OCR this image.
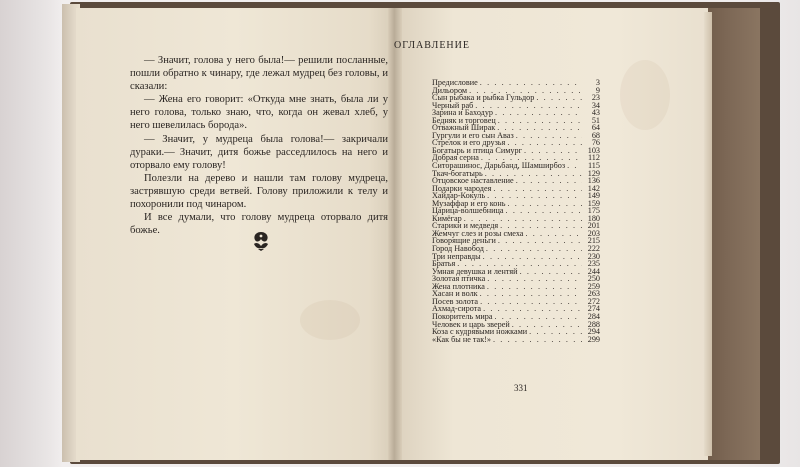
— Значит, голова у него была!— решили посланные, пошли обратно к чинару, где лежал мудрец без головы, и сказали:

— Жена его говорит: «Откуда мне знать, была ли у него голова, только знаю, что, когда он жевал хлеб, у него шевелилась борода».

— Значит, у мудреца была голова!— закричали дураки.— Значит, дитя божье расседлилось на него и оторвало ему голову!

Полезли на дерево и нашли там голову мудреца, застрявшую среди ветвей. Голову приложили к телу и похоронили под чинаром.

И все думали, что голову мудреца оторвало дитя божье.

ОГЛАВЛЕНИЕ
Предисловие . . .	3
Дильором . . .	9
Сын рыбака и рыбка Гульдор . . .	23
Черный раб . . .	34
Зарина и Баходур . . .	43
Бедняк и торговец . . .	51
Отважный Ширак . . .	64
Гургули и его сын Аваз . . .	68
Стрелок и его друзья . . .	76
Богатырь и птица Симург . . .	103
Добрая серна . . .	112
Ситорашинос, Дарьбанд, Шамширбоз . . .	115
Ткач-богатырь . . .	129
Отцовское наставление . . .	136
Подарки чародея . . .	142
Хайдар-Кокуль . . .	149
Музаффар и его конь . . .	159
Царица-волшебница . . .	175
Кимёгар . . .	180
Старики и медведя . . .	201
Жемчуг слез и розы смеха . . .	203
Говорящие деньги . . .	215
Город Навобод . . .	222
Три неправды . . .	230
Братья . . .	235
Умная девушка и лентяй . . .	244
Золотая птичка . . .	250
Жена плотника . . .	259
Хасан и волк . . .	263
Посев золота . . .	272
Ахмад-сирота . . .	274
Покоритель мира . . .	284
Человек и царь зверей . . .	288
Коза с кудрявыми ножками . . .	294
«Как бы не так!» . . .	299
331
